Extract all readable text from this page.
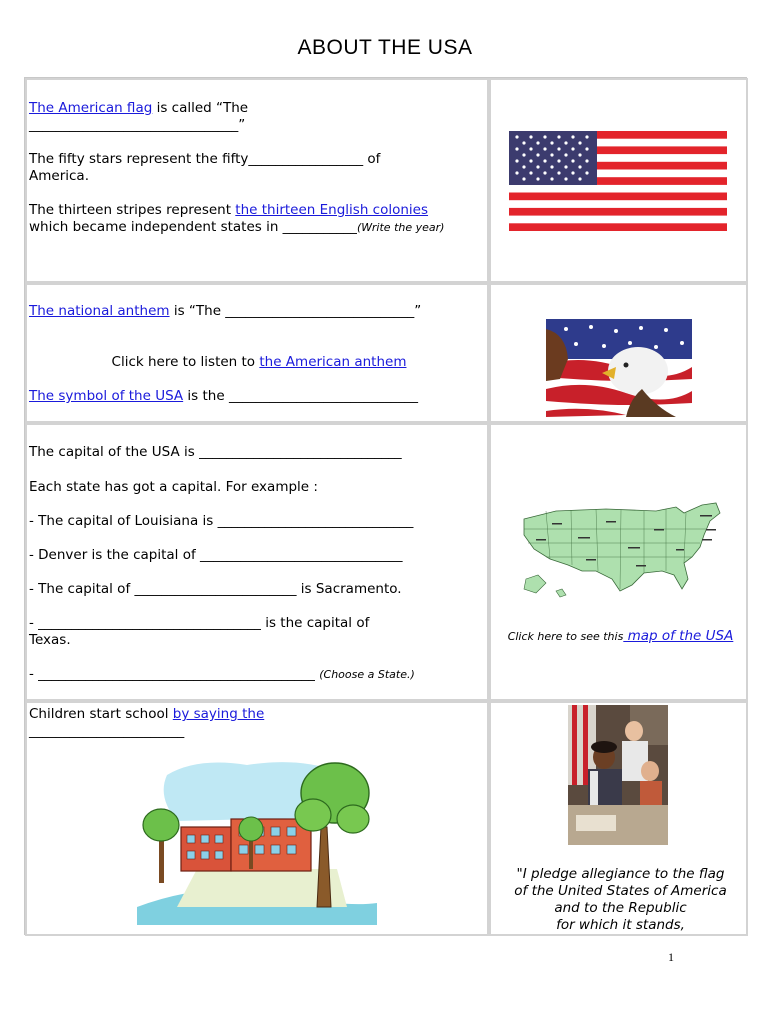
ABOUT THE USA
The American flag is called “The
_______________________________”
The fifty stars represent the fifty_________________ of
America.
The thirteen stripes represent the thirteen English colonies
which became independent states in ___________(Write the year)
The national anthem is “The ____________________________”
Click here to listen to the American anthem
The symbol of the USA is the ____________________________
The capital of the USA is ______________________________
Each state has got a capital. For example :
- The capital of Louisiana is _____________________________
- Denver is the capital of ______________________________
- The capital of ________________________ is Sacramento.
- _________________________________ is the capital of
Texas.
- _________________________________________ (Choose a State.)
Click here to see this map of the USA
Children start school by saying the
_______________________
"I pledge allegiance to the flag
of the United States of America
and to the Republic
for which it stands,
1
